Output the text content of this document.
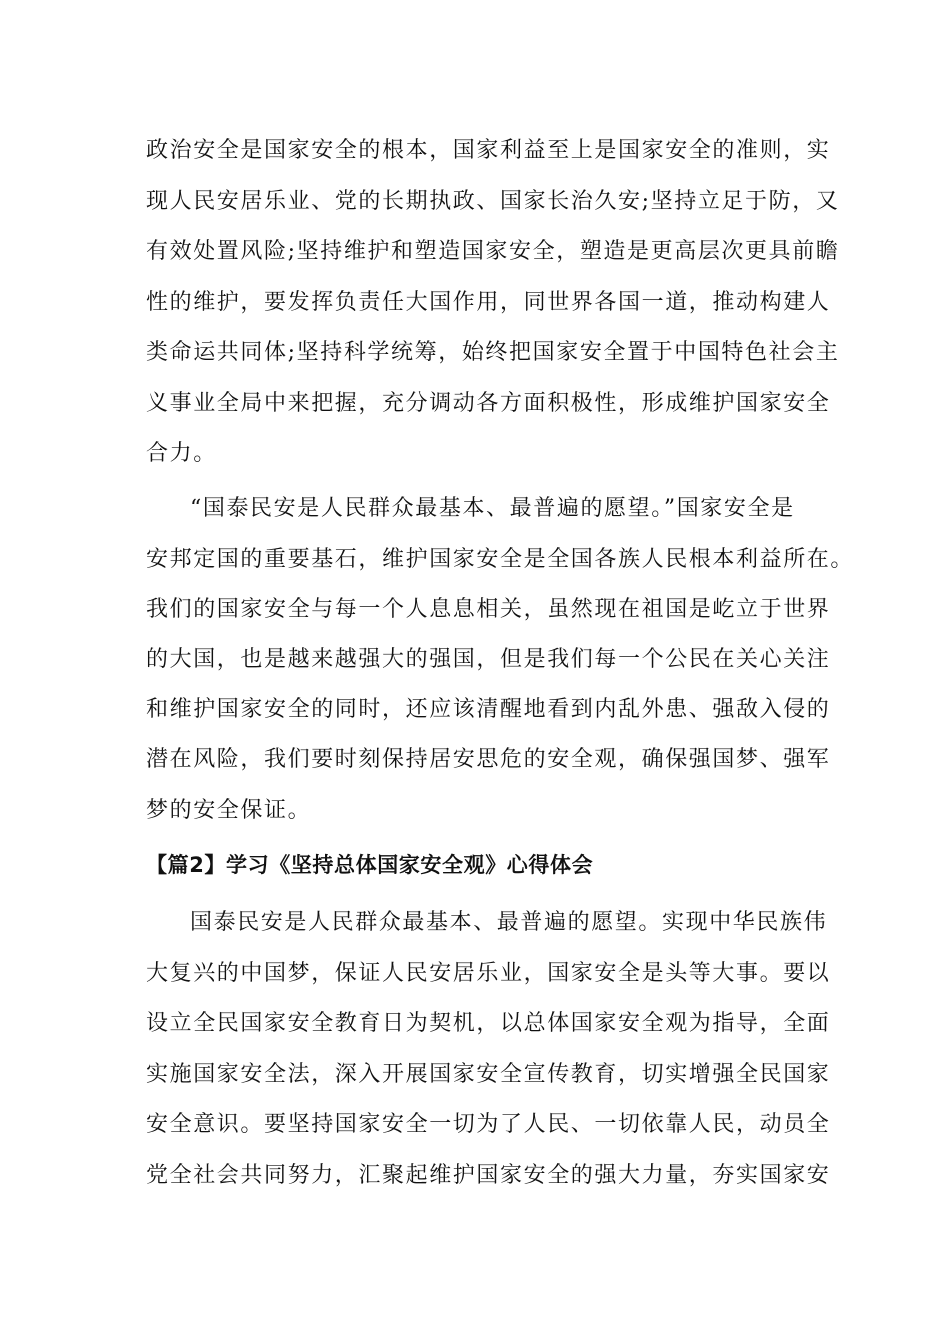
政治安全是国家安全的根本，国家利益至上是国家安全的准则，实

现人民安居乐业、党的长期执政、国家长治久安;坚持立足于防，又

有效处置风险;坚持维护和塑造国家安全，塑造是更高层次更具前瞻

性的维护，要发挥负责任大国作用，同世界各国一道，推动构建人

类命运共同体;坚持科学统筹，始终把国家安全置于中国特色社会主

义事业全局中来把握，充分调动各方面积极性，形成维护国家安全

合力。

“国泰民安是人民群众最基本、最普遍的愿望。”国家安全是

安邦定国的重要基石，维护国家安全是全国各族人民根本利益所在。

我们的国家安全与每一个人息息相关，虽然现在祖国是屹立于世界

的大国，也是越来越强大的强国，但是我们每一个公民在关心关注

和维护国家安全的同时，还应该清醒地看到内乱外患、强敌入侵的

潜在风险，我们要时刻保持居安思危的安全观，确保强国梦、强军

梦的安全保证。

【篇2】学习《坚持总体国家安全观》心得体会

国泰民安是人民群众最基本、最普遍的愿望。实现中华民族伟

大复兴的中国梦，保证人民安居乐业，国家安全是头等大事。要以

设立全民国家安全教育日为契机，以总体国家安全观为指导，全面

实施国家安全法，深入开展国家安全宣传教育，切实增强全民国家

安全意识。要坚持国家安全一切为了人民、一切依靠人民，动员全

党全社会共同努力，汇聚起维护国家安全的强大力量，夯实国家安
